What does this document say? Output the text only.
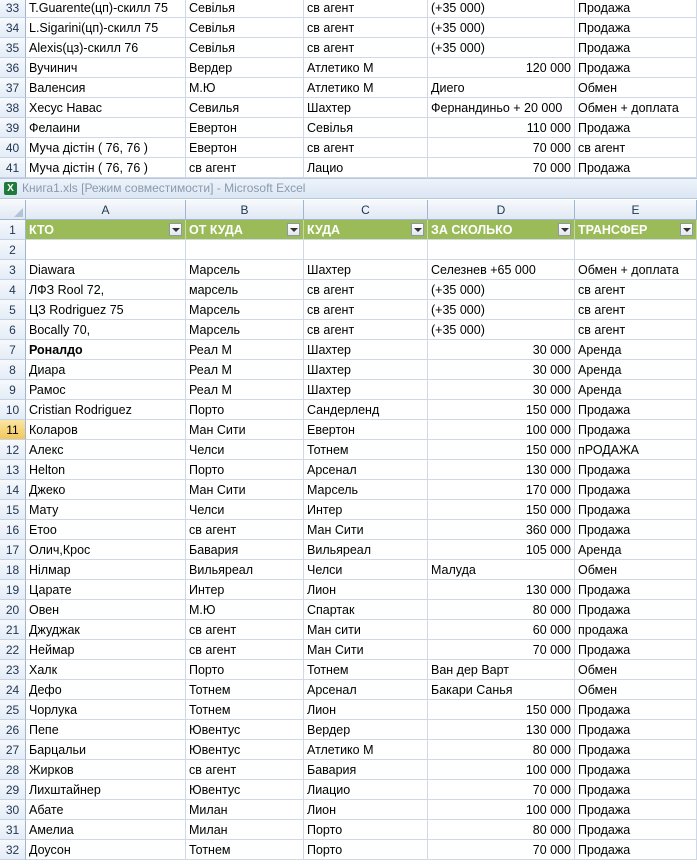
33 T.Guarente(цп)-скилл 75	Севілья	св агент	(+35 000)	Продажа
34 L.Sigarini(цп)-скилл 75	Севілья	св агент	(+35 000)	Продажа
35 Alexis(цз)-скилл 76	Севілья	св агент	(+35 000)	Продажа
36 Вучинич	Вердер	Атлетико М	120 000 Продажа
37 Валенсия	М.Ю	Атлетико М	Диего	Обмен
38 Хесус Навас	Севилья	Шахтер	Фернандиньо + 20 000	Обмен + доплата
39 Фелаини	Евертон	Севілья	110 000 Продажа
40 Муча дістін ( 76, 76 )	Евертон	св агент	70 000 св агент
41 Муча дістін ( 76, 76 )	св агент	Лацио	70 000 Продажа
X Книга1.xls [Режим совместимости] - Microsoft Excel
A	B	C	D	E
1	КТО	ОТ КУДА	КУДА	ЗА СКОЛЬКО	ТРАНСФЕР
2
3	Diawara	Марсель	Шахтер	Селезнев +65 000	Обмен + доплата
4	ЛФЗ Rool 72,	марсель	св агент	(+35 000)	св агент
5	ЦЗ Rodriguez 75	Марсель	св агент	(+35 000)	св агент
6	Bocally 70,	Марсель	св агент	(+35 000)	св агент
7	Роналдо	Реал М	Шахтер	30 000 Аренда
8	Диара	Реал М	Шахтер	30 000 Аренда
9	Рамос	Реал М	Шахтер	30 000 Аренда
10 Cristian Rodriguez	Порто	Сандерленд	150 000 Продажа
11 Коларов	Ман Сити	Евертон	100 000 Продажа
12 Алекс	Челси	Тотнем	150 000 пРОДАЖА
13 Helton	Порто	Арсенал	130 000 Продажа
14 Джеко	Ман Сити	Марсель	170 000 Продажа
15 Мату	Челси	Интер	150 000 Продажа
16 Етоо	св агент	Ман Сити	360 000 Продажа
17 Олич,Крос	Бавария	Вильяреал	105 000 Аренда
18 Нілмар	Вильяреал	Челси	Малуда	Обмен
19 Царате	Интер	Лион	130 000 Продажа
20 Овен	М.Ю	Спартак	80 000 Продажа
21 Джуджак	св агент	Ман сити	60 000 продажа
22 Неймар	св агент	Ман Сити	70 000 Продажа
23 Халк	Порто	Тотнем	Ван дер Варт	Обмен
24 Дефо	Тотнем	Арсенал	Бакари Санья	Обмен
25 Чорлука	Тотнем	Лион	150 000 Продажа
26 Пепе	Ювентус	Вердер	130 000 Продажа
27 Барцальи	Ювентус	Атлетико М	80 000 Продажа
28 Жирков	св агент	Бавария	100 000 Продажа
29 Лихштайнер	Ювентус	Лиацио	70 000 Продажа
30 Абате	Милан	Лион	100 000 Продажа
31 Амелиа	Милан	Порто	80 000 Продажа
32 Доусон	Тотнем	Порто	70 000 Продажа
